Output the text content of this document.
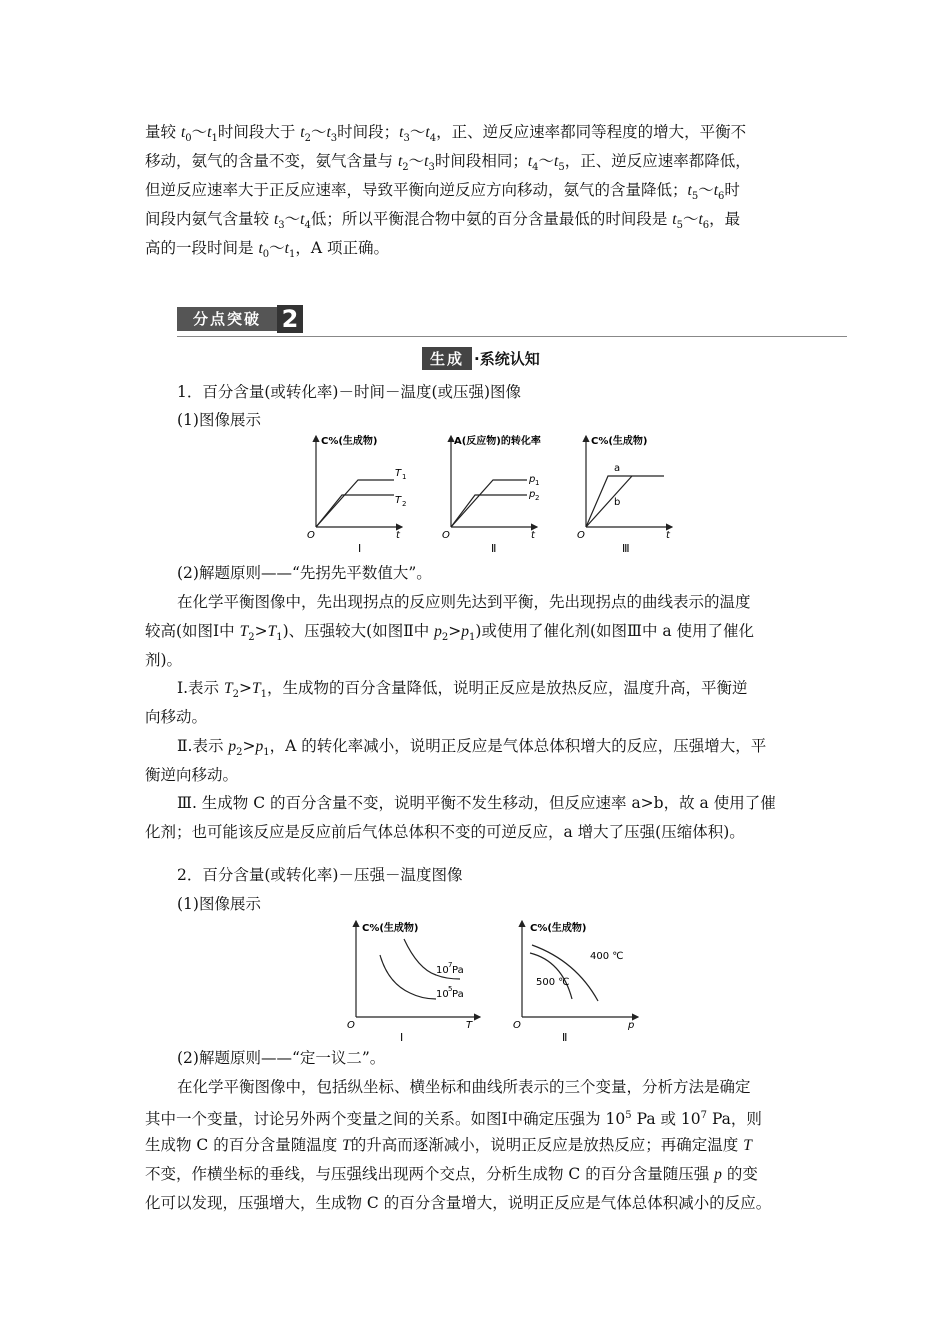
量较 $t_0\sim t_1$时间段大于 $t_2\sim t_3$时间段；$t_3\sim t_4$，正、逆反应速率都同等程度的增大，平衡不
移动，氨气的含量不变，氨气含量与 $t_2\sim t_3$时间段相同；$t_4\sim t_5$，正、逆反应速率都降低，
但逆反应速率大于正反应速率，导致平衡向逆反应方向移动，氨气的含量降低；$t_5\sim t_6$时
间段内氨气含量较 $t_3\sim t_4$低；所以平衡混合物中氨的百分含量最低的时间段是 $t_5\sim t_6$，最
高的一段时间是 $t_0\sim t_1$，A 项正确。
分点突破 2
生成 ·系统认知
1．百分含量(或转化率)－时间－温度(或压强)图像
(1)图像展示
C%(生成物)
T 1
T 2
O	t
Ⅰ
A(反应物)的转化率
p 1
p 2
O	t
Ⅱ
C%(生成物)
a
b
O	t
Ⅲ
(2)解题原则——“先拐先平数值大”。
在化学平衡图像中，先出现拐点的反应则先达到平衡，先出现拐点的曲线表示的温度
较高(如图Ⅰ中 $T_2>T_1$)、压强较大(如图Ⅱ中 $p_2>p_1$)或使用了催化剂(如图Ⅲ中 a 使用了催化
剂)。
Ⅰ.表示 $T_2>T_1$，生成物的百分含量降低，说明正反应是放热反应，温度升高，平衡逆
向移动。
Ⅱ.表示 $p_2>p_1$，A 的转化率减小，说明正反应是气体总体积增大的反应，压强增大，平
衡逆向移动。
Ⅲ. 生成物 C 的百分含量不变，说明平衡不发生移动，但反应速率 a>b，故 a 使用了催
化剂；也可能该反应是反应前后气体总体积不变的可逆反应，a 增大了压强(压缩体积)。
2．百分含量(或转化率)－压强－温度图像
(1)图像展示
C%(生成物)
10 7 Pa
10 5 Pa
O	T
Ⅰ
C%(生成物)
400 ℃
500 ℃
O	p
Ⅱ
(2)解题原则——“定一议二”。
在化学平衡图像中，包括纵坐标、横坐标和曲线所表示的三个变量，分析方法是确定
其中一个变量，讨论另外两个变量之间的关系。如图Ⅰ中确定压强为 $10^5$ Pa 或 $10^7$ Pa，则
生成物 C 的百分含量随温度 T的升高而逐渐减小，说明正反应是放热反应；再确定温度 T
不变，作横坐标的垂线，与压强线出现两个交点，分析生成物 C 的百分含量随压强 p 的变
化可以发现，压强增大，生成物 C 的百分含量增大，说明正反应是气体总体积减小的反应。
